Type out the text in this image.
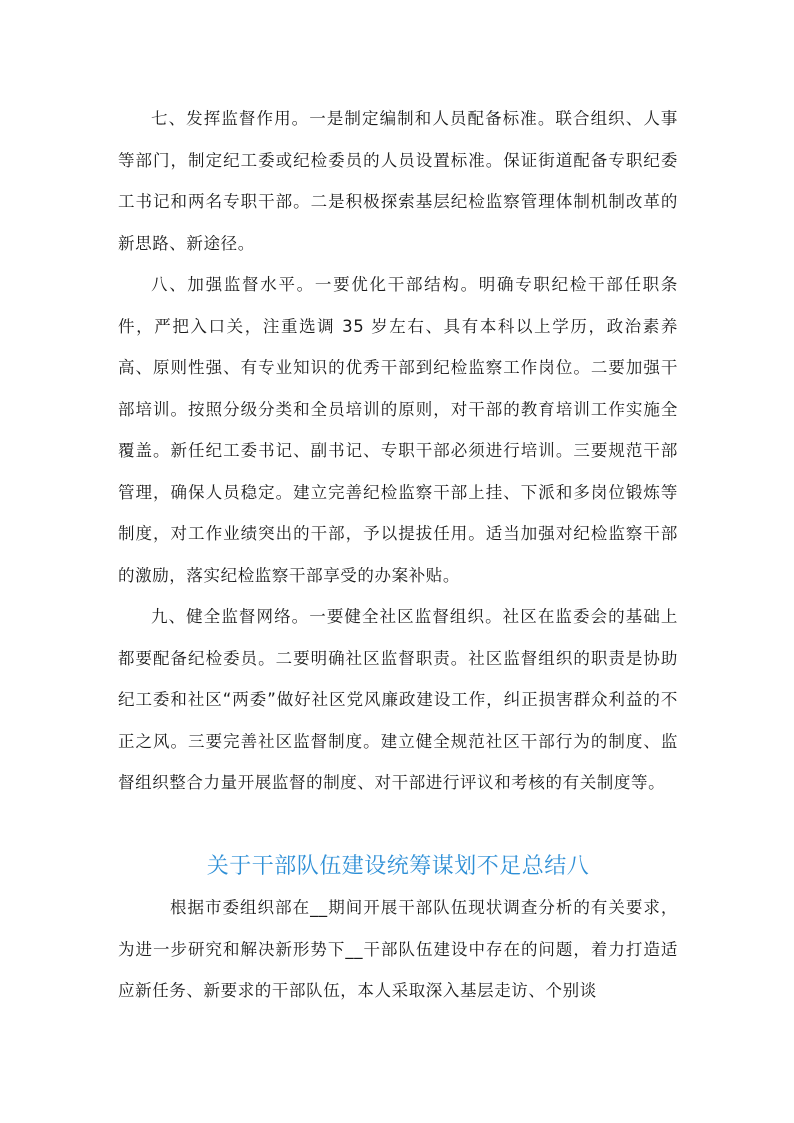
七、发挥监督作用。一是制定编制和人员配备标准。联合组织、人事等部门，制定纪工委或纪检委员的人员设置标准。保证街道配备专职纪委工书记和两名专职干部。二是积极探索基层纪检监察管理体制机制改革的新思路、新途径。

八、加强监督水平。一要优化干部结构。明确专职纪检干部任职条件，严把入口关，注重选调 35 岁左右、具有本科以上学历，政治素养高、原则性强、有专业知识的优秀干部到纪检监察工作岗位。二要加强干部培训。按照分级分类和全员培训的原则，对干部的教育培训工作实施全覆盖。新任纪工委书记、副书记、专职干部必须进行培训。三要规范干部管理，确保人员稳定。建立完善纪检监察干部上挂、下派和多岗位锻炼等制度，对工作业绩突出的干部，予以提拔任用。适当加强对纪检监察干部的激励，落实纪检监察干部享受的办案补贴。

九、健全监督网络。一要健全社区监督组织。社区在监委会的基础上都要配备纪检委员。二要明确社区监督职责。社区监督组织的职责是协助纪工委和社区“两委”做好社区党风廉政建设工作，纠正损害群众利益的不正之风。三要完善社区监督制度。建立健全规范社区干部行为的制度、监督组织整合力量开展监督的制度、对干部进行评议和考核的有关制度等。

关于干部队伍建设统筹谋划不足总结八

根据市委组织部在__期间开展干部队伍现状调查分析的有关要求，为进一步研究和解决新形势下__干部队伍建设中存在的问题，着力打造适应新任务、新要求的干部队伍，本人采取深入基层走访、个别谈
